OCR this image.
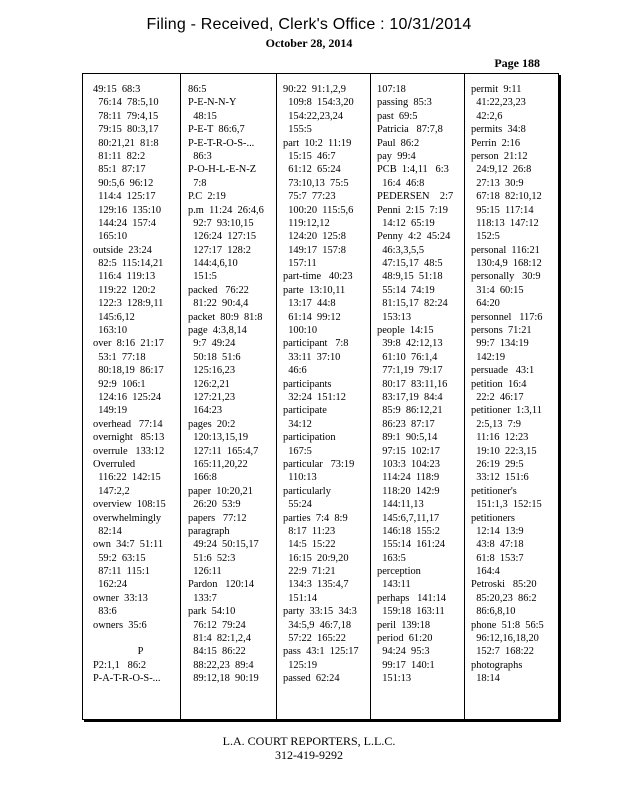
Filing - Received, Clerk's Office : 10/31/2014
October 28, 2014
Page 188
49:15  68:3
76:14  78:5,10
78:11  79:4,15
79:15  80:3,17
80:21,21  81:8
81:11  82:2
85:1  87:17
90:5,6  96:12
114:4  125:17
129:16  135:10
144:24  157:4
165:10
outside  23:24
82:5  115:14,21
116:4  119:13
119:22  120:2
122:3  128:9,11
145:6,12
163:10
over  8:16  21:17
53:1  77:18
80:18,19  86:17
92:9  106:1
124:16  125:24
149:19
overhead   77:14
overnight   85:13
overrule   133:12
Overruled
116:22  142:15
147:2,2
overview  108:15
overwhelmingly
82:14
own  34:7  51:11
59:2  63:15
87:11  115:1
162:24
owner  33:13
83:6
owners  35:6
P
P2:1,1   86:2
P-A-T-R-O-S-...
86:5
P-E-N-N-Y
48:15
P-E-T  86:6,7
P-E-T-R-O-S-...
86:3
P-O-H-L-E-N-Z
7:8
P.C  2:19
p.m  11:24  26:4,6
92:7  93:10,15
126:24  127:15
127:17  128:2
144:4,6,10
151:5
packed   76:22
81:22  90:4,4
packet  80:9  81:8
page  4:3,8,14
9:7  49:24
50:18  51:6
125:16,23
126:2,21
127:21,23
164:23
pages  20:2
120:13,15,19
127:11  165:4,7
165:11,20,22
166:8
paper  10:20,21
26:20  53:9
papers   77:12
paragraph
49:24  50:15,17
51:6  52:3
126:11
Pardon   120:14
133:7
park  54:10
76:12  79:24
81:4  82:1,2,4
84:15  86:22
88:22,23  89:4
89:12,18  90:19
90:22  91:1,2,9
109:8  154:3,20
154:22,23,24
155:5
part  10:2  11:19
15:15  46:7
61:12  65:24
73:10,13  75:5
75:7  77:23
100:20  115:5,6
119:12,12
124:20  125:8
149:17  157:8
157:11
part-time   40:23
parte  13:10,11
13:17  44:8
61:14  99:12
100:10
participant   7:8
33:11  37:10
46:6
participants
32:24  151:12
participate
34:12
participation
167:5
particular   73:19
110:13
particularly
55:24
parties  7:4  8:9
8:17  11:23
14:5  15:22
16:15  20:9,20
22:9  71:21
134:3  135:4,7
151:14
party  33:15  34:3
34:5,9  46:7,18
57:22  165:22
pass  43:1  125:17
125:19
passed  62:24
107:18
passing  85:3
past  69:5
Patricia   87:7,8
Paul  86:2
pay  99:4
PCB  1:4,11   6:3
16:4  46:8
PEDERSEN    2:7
Penni  2:15  7:19
14:12  65:19
Penny  4:2  45:24
46:3,3,5,5
47:15,17  48:5
48:9,15  51:18
55:14  74:19
81:15,17  82:24
153:13
people  14:15
39:8  42:12,13
61:10  76:1,4
77:1,19  79:17
80:17  83:11,16
83:17,19  84:4
85:9  86:12,21
86:23  87:17
89:1  90:5,14
97:15  102:17
103:3  104:23
114:24  118:9
118:20  142:9
144:11,13
145:6,7,11,17
146:18  155:2
155:14  161:24
163:5
perception
143:11
perhaps   141:14
159:18  163:11
peril  139:18
period  61:20
94:24  95:3
99:17  140:1
151:13
permit  9:11
41:22,23,23
42:2,6
permits  34:8
Perrin  2:16
person  21:12
24:9,12  26:8
27:13  30:9
67:18  82:10,12
95:15  117:14
118:13  147:12
152:5
personal  116:21
130:4,9  168:12
personally   30:9
31:4  60:15
64:20
personnel   117:6
persons  71:21
99:7  134:19
142:19
persuade   43:1
petition  16:4
22:2  46:17
petitioner  1:3,11
2:5,13  7:9
11:16  12:23
19:10  22:3,15
26:19  29:5
33:12  151:6
petitioner's
151:1,3  152:15
petitioners
12:14  13:9
43:8  47:18
61:8  153:7
164:4
Petroski   85:20
85:20,23  86:2
86:6,8,10
phone  51:8  56:5
96:12,16,18,20
152:7  168:22
photographs
18:14
L.A. COURT REPORTERS, L.L.C.
312-419-9292
